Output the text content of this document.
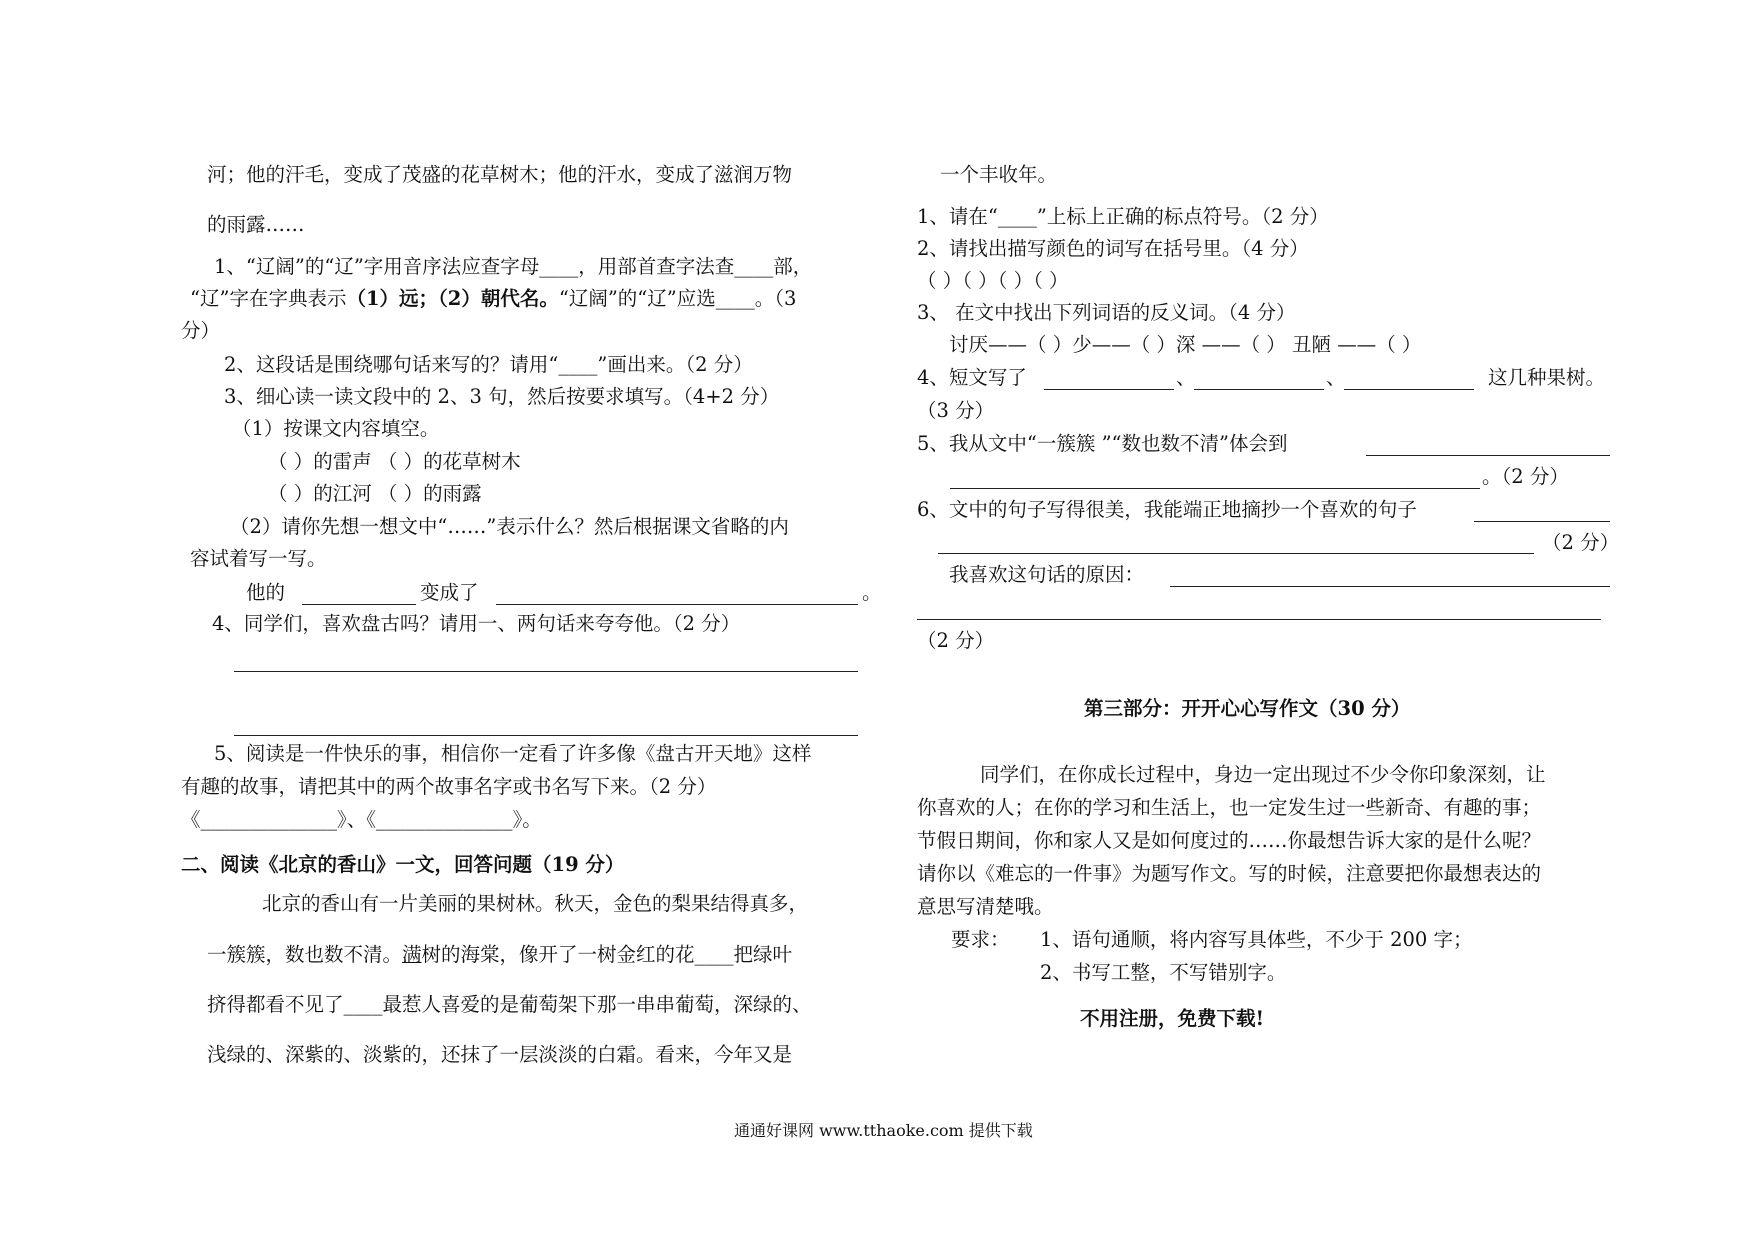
河；他的汗毛，变成了茂盛的花草树木；他的汗水，变成了滋润万物
的雨露……
1、“辽阔”的“辽”字用音序法应查字母____，用部首查字法查____部，
“辽”字在字典表示（1）远；（2）朝代名。“辽阔”的“辽”应选____。（3
分）
2、这段话是围绕哪句话来写的？请用“____”画出来。（2 分）
3、细心读一读文段中的 2、3 句，然后按要求填写。（4+2 分）
（1）按课文内容填空。
（ ）的雷声 （ ）的花草树木
（ ）的江河 （ ）的雨露
（2）请你先想一想文中“……”表示什么？然后根据课文省略的内
容试着写一写。
他的	变成了	。
4、同学们，喜欢盘古吗？请用一、两句话来夸夸他。（2 分）
5、阅读是一件快乐的事，相信你一定看了许多像《盘古开天地》这样
有趣的故事，请把其中的两个故事名字或书名写下来。（2 分）
《______________》、《______________》。
二、阅读《北京的香山》一文，回答问题（19 分）
北京的香山有一片美丽的果树林。秋天，金色的梨果结得真多，
一簇簇，数也数不清。满树的海棠，像开了一树金红的花____把绿叶
挤得都看不见了____最惹人喜爱的是葡萄架下那一串串葡萄，深绿的、
浅绿的、深紫的、淡紫的，还抹了一层淡淡的白霜。看来，今年又是
一个丰收年。
1、请在“____”上标上正确的标点符号。（2 分）
2、请找出描写颜色的词写在括号里。（4 分）
（ ）（ ）（ ）（ ）
3、 在文中找出下列词语的反义词。（4 分）
讨厌——（ ）少——（ ）深 ——（ ） 丑陋 ——（ ）
4、短文写了	、	、	这几种果树。
（3 分）
5、我从文中“一簇簇 ”“数也数不清”体会到
。（2 分）
6、文中的句子写得很美，我能端正地摘抄一个喜欢的句子
（2 分）
我喜欢这句话的原因：
（2 分）
第三部分：开开心心写作文（30 分）
同学们，在你成长过程中，身边一定出现过不少令你印象深刻，让
你喜欢的人；在你的学习和生活上，也一定发生过一些新奇、有趣的事；
节假日期间，你和家人又是如何度过的……你最想告诉大家的是什么呢？
请你以《难忘的一件事》为题写作文。写的时候，注意要把你最想表达的
意思写清楚哦。
要求： 1、语句通顺，将内容写具体些，不少于 200 字；
2、书写工整，不写错别字。
不用注册，免费下载!
通通好课网 www.tthaoke.com 提供下载
